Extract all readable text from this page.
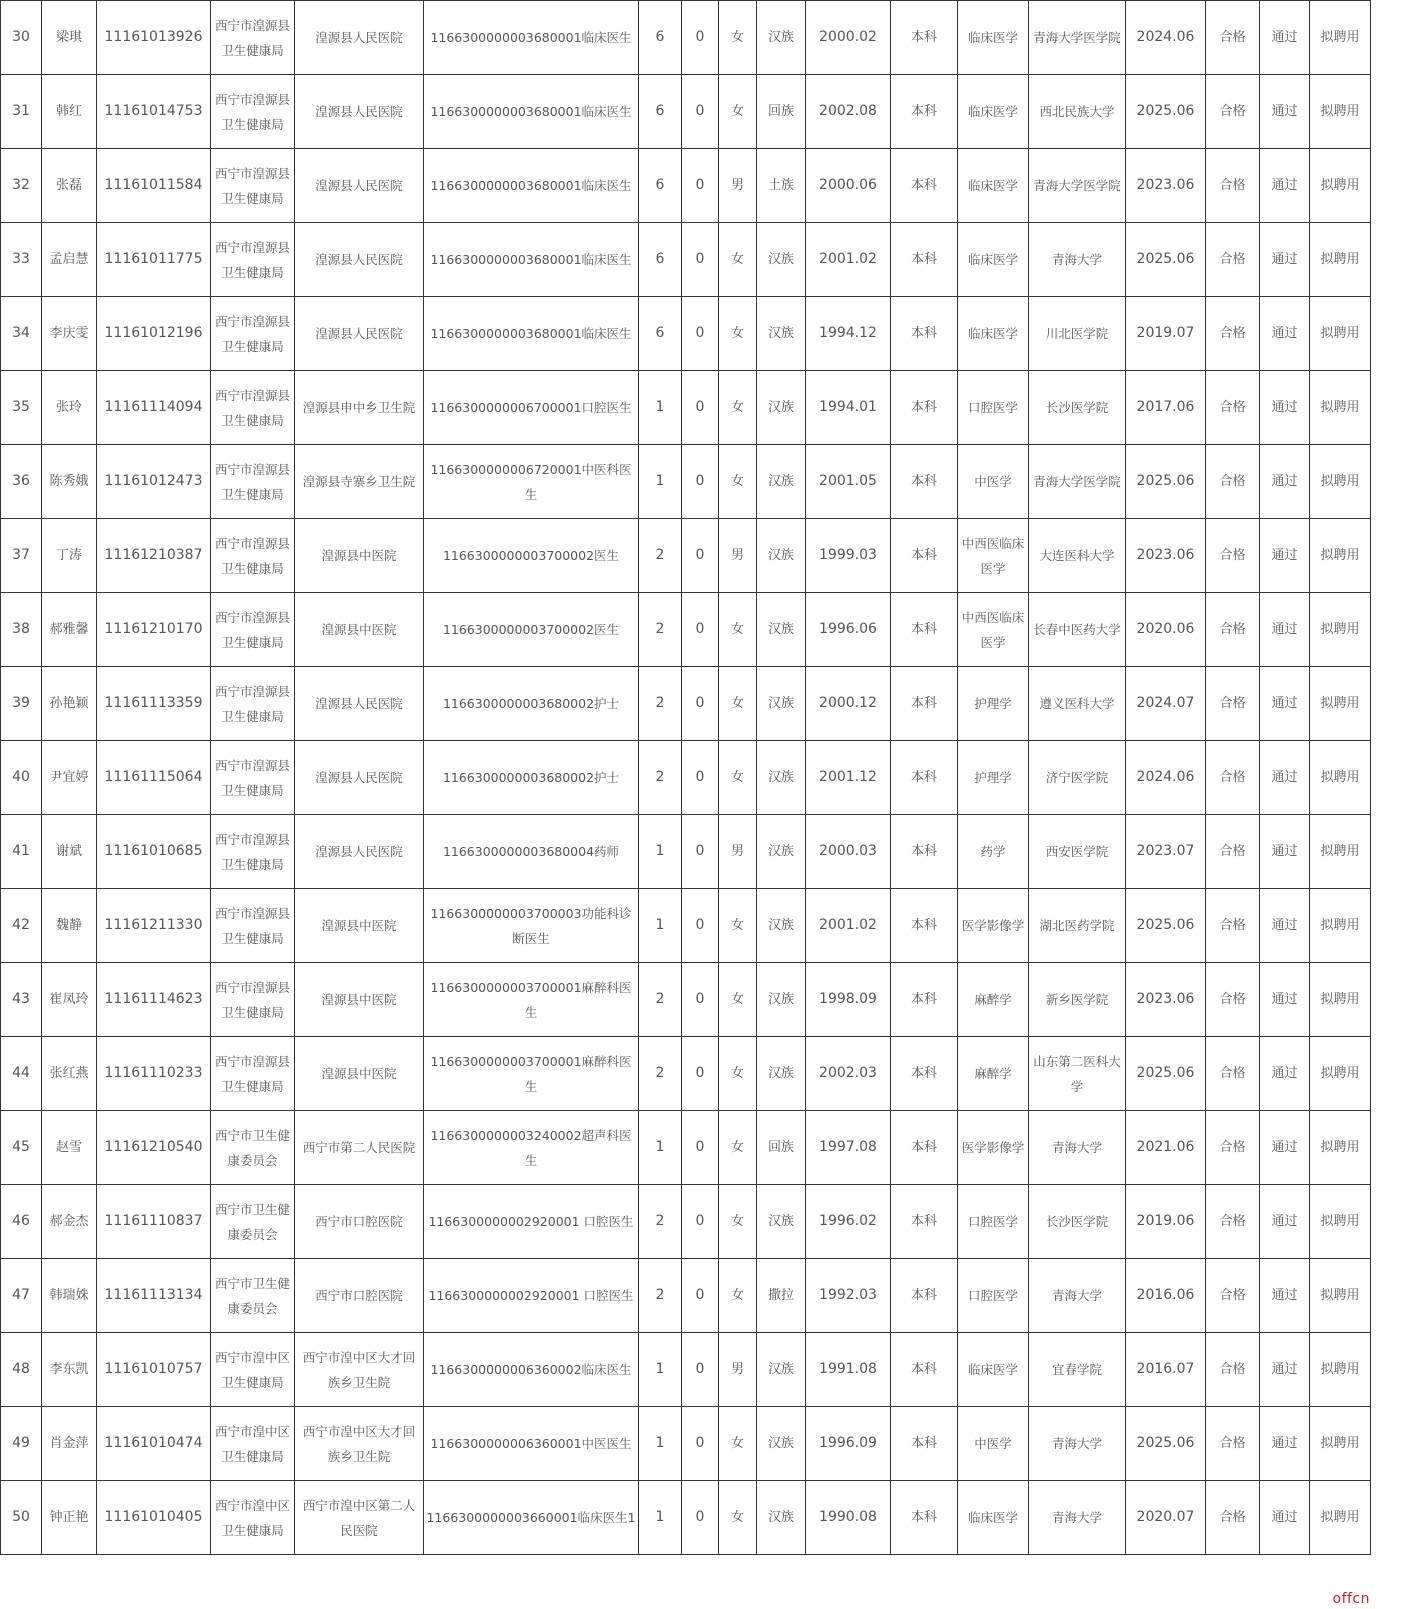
30	梁琪	11161013926	西宁市湟源县卫生健康局	湟源县人民医院	1166300000003680001临床医生	6	0	女	汉族	2000.02	本科	临床医学	青海大学医学院	2024.06	合格	通过	拟聘用
31	韩红	11161014753	西宁市湟源县卫生健康局	湟源县人民医院	1166300000003680001临床医生	6	0	女	回族	2002.08	本科	临床医学	西北民族大学	2025.06	合格	通过	拟聘用
32	张磊	11161011584	西宁市湟源县卫生健康局	湟源县人民医院	1166300000003680001临床医生	6	0	男	土族	2000.06	本科	临床医学	青海大学医学院	2023.06	合格	通过	拟聘用
33	孟启慧	11161011775	西宁市湟源县卫生健康局	湟源县人民医院	1166300000003680001临床医生	6	0	女	汉族	2001.02	本科	临床医学	青海大学	2025.06	合格	通过	拟聘用
34	李庆雯	11161012196	西宁市湟源县卫生健康局	湟源县人民医院	1166300000003680001临床医生	6	0	女	汉族	1994.12	本科	临床医学	川北医学院	2019.07	合格	通过	拟聘用
35	张玲	11161114094	西宁市湟源县卫生健康局	湟源县申中乡卫生院	1166300000006700001口腔医生	1	0	女	汉族	1994.01	本科	口腔医学	长沙医学院	2017.06	合格	通过	拟聘用
36	陈秀娥	11161012473	西宁市湟源县卫生健康局	湟源县寺寨乡卫生院	1166300000006720001中医科医生	1	0	女	汉族	2001.05	本科	中医学	青海大学医学院	2025.06	合格	通过	拟聘用
37	丁涛	11161210387	西宁市湟源县卫生健康局	湟源县中医院	1166300000003700002医生	2	0	男	汉族	1999.03	本科	中西医临床医学	大连医科大学	2023.06	合格	通过	拟聘用
38	郝雅馨	11161210170	西宁市湟源县卫生健康局	湟源县中医院	1166300000003700002医生	2	0	女	汉族	1996.06	本科	中西医临床医学	长春中医药大学	2020.06	合格	通过	拟聘用
39	孙艳颖	11161113359	西宁市湟源县卫生健康局	湟源县人民医院	1166300000003680002护士	2	0	女	汉族	2000.12	本科	护理学	遵义医科大学	2024.07	合格	通过	拟聘用
40	尹宜婷	11161115064	西宁市湟源县卫生健康局	湟源县人民医院	1166300000003680002护士	2	0	女	汉族	2001.12	本科	护理学	济宁医学院	2024.06	合格	通过	拟聘用
41	谢斌	11161010685	西宁市湟源县卫生健康局	湟源县人民医院	1166300000003680004药师	1	0	男	汉族	2000.03	本科	药学	西安医学院	2023.07	合格	通过	拟聘用
42	魏静	11161211330	西宁市湟源县卫生健康局	湟源县中医院	1166300000003700003功能科诊断医生	1	0	女	汉族	2001.02	本科	医学影像学	湖北医药学院	2025.06	合格	通过	拟聘用
43	崔凤玲	11161114623	西宁市湟源县卫生健康局	湟源县中医院	1166300000003700001麻醉科医生	2	0	女	汉族	1998.09	本科	麻醉学	新乡医学院	2023.06	合格	通过	拟聘用
44	张红燕	11161110233	西宁市湟源县卫生健康局	湟源县中医院	1166300000003700001麻醉科医生	2	0	女	汉族	2002.03	本科	麻醉学	山东第二医科大学	2025.06	合格	通过	拟聘用
45	赵雪	11161210540	西宁市卫生健康委员会	西宁市第二人民医院	1166300000003240002超声科医生	1	0	女	回族	1997.08	本科	医学影像学	青海大学	2021.06	合格	通过	拟聘用
46	郝金杰	11161110837	西宁市卫生健康委员会	西宁市口腔医院	1166300000002920001 口腔医生	2	0	女	汉族	1996.02	本科	口腔医学	长沙医学院	2019.06	合格	通过	拟聘用
47	韩瑞姝	11161113134	西宁市卫生健康委员会	西宁市口腔医院	1166300000002920001 口腔医生	2	0	女	撒拉	1992.03	本科	口腔医学	青海大学	2016.06	合格	通过	拟聘用
48	李东凯	11161010757	西宁市湟中区卫生健康局	西宁市湟中区大才回族乡卫生院	1166300000006360002临床医生	1	0	男	汉族	1991.08	本科	临床医学	宜春学院	2016.07	合格	通过	拟聘用
49	肖金萍	11161010474	西宁市湟中区卫生健康局	西宁市湟中区大才回族乡卫生院	1166300000006360001中医医生	1	0	女	汉族	1996.09	本科	中医学	青海大学	2025.06	合格	通过	拟聘用
50	钟正艳	11161010405	西宁市湟中区卫生健康局	西宁市湟中区第二人民医院	1166300000003660001临床医生1	1	0	女	汉族	1990.08	本科	临床医学	青海大学	2020.07	合格	通过	拟聘用
offcn
